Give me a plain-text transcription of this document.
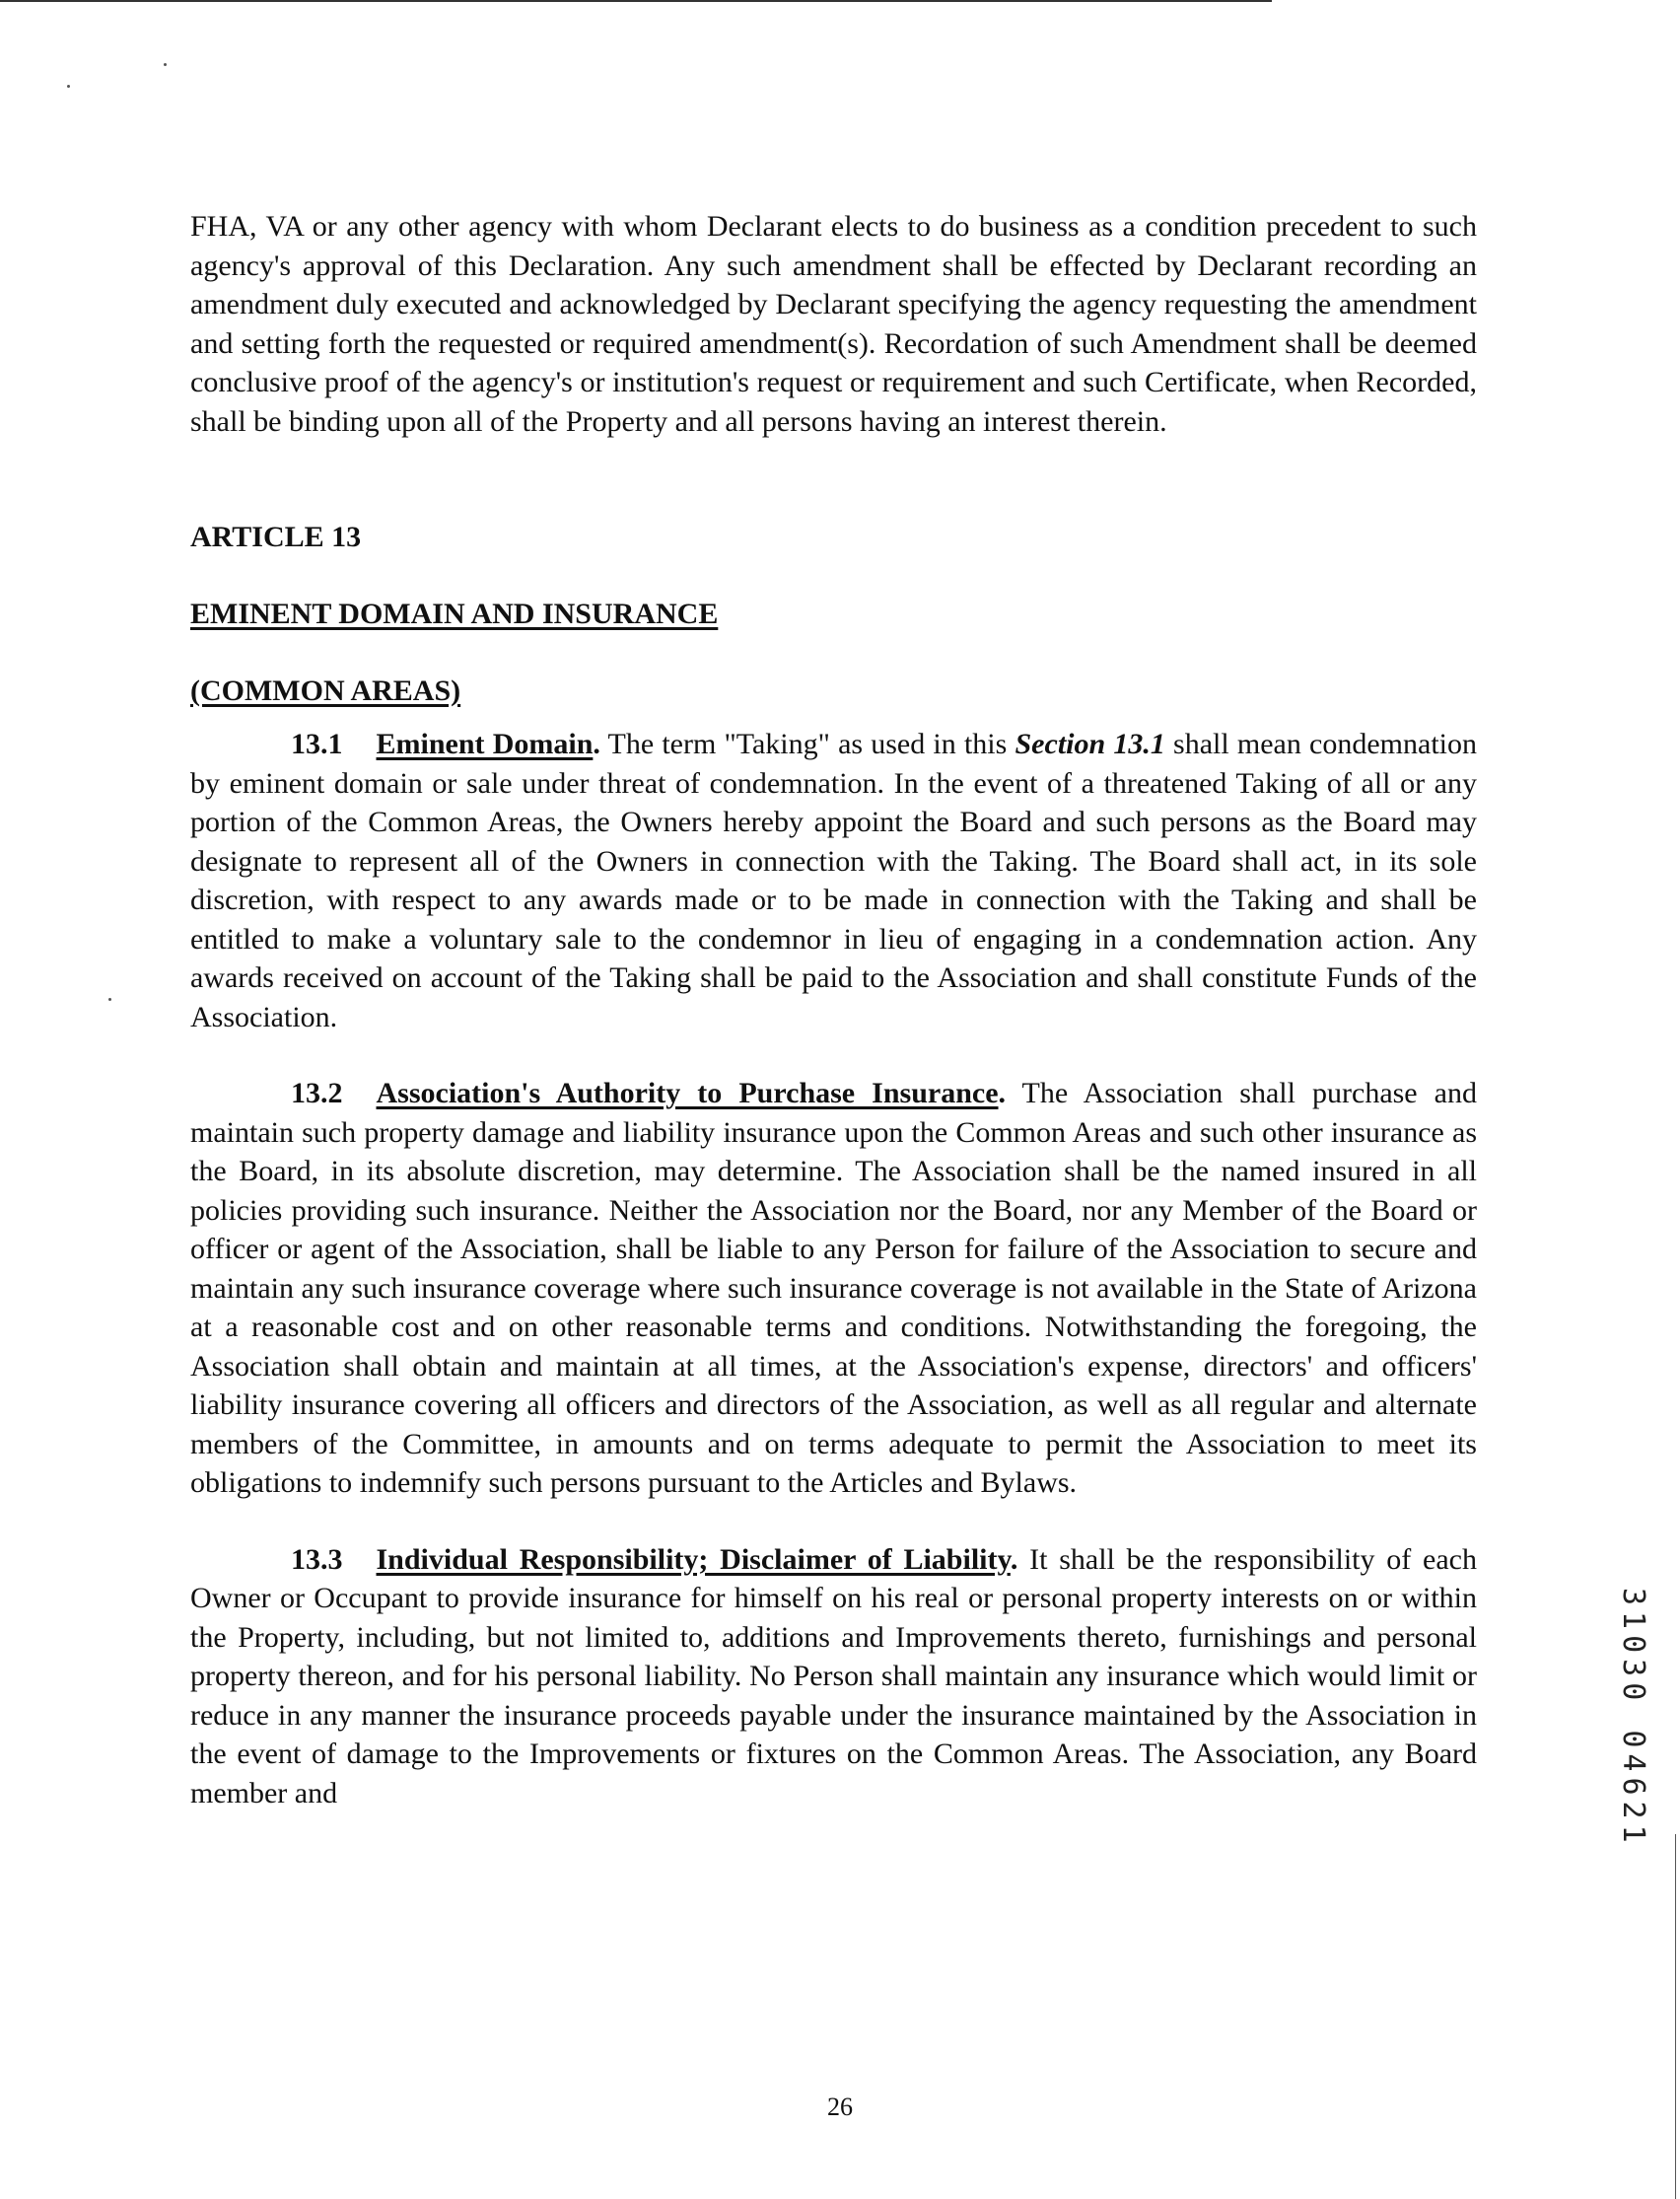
FHA, VA or any other agency with whom Declarant elects to do business as a condition precedent to such agency's approval of this Declaration. Any such amendment shall be effected by Declarant recording an amendment duly executed and acknowledged by Declarant specifying the agency requesting the amendment and setting forth the requested or required amendment(s). Recordation of such Amendment shall be deemed conclusive proof of the agency's or institution's request or requirement and such Certificate, when Recorded, shall be binding upon all of the Property and all persons having an interest therein.

ARTICLE 13

EMINENT DOMAIN AND INSURANCE

(COMMON AREAS)

13.1 Eminent Domain. The term "Taking" as used in this Section 13.1 shall mean condemnation by eminent domain or sale under threat of condemnation. In the event of a threatened Taking of all or any portion of the Common Areas, the Owners hereby appoint the Board and such persons as the Board may designate to represent all of the Owners in connection with the Taking. The Board shall act, in its sole discretion, with respect to any awards made or to be made in connection with the Taking and shall be entitled to make a voluntary sale to the condemnor in lieu of engaging in a condemnation action. Any awards received on account of the Taking shall be paid to the Association and shall constitute Funds of the Association.

13.2 Association's Authority to Purchase Insurance. The Association shall purchase and maintain such property damage and liability insurance upon the Common Areas and such other insurance as the Board, in its absolute discretion, may determine. The Association shall be the named insured in all policies providing such insurance. Neither the Association nor the Board, nor any Member of the Board or officer or agent of the Association, shall be liable to any Person for failure of the Association to secure and maintain any such insurance coverage where such insurance coverage is not available in the State of Arizona at a reasonable cost and on other reasonable terms and conditions. Notwithstanding the foregoing, the Association shall obtain and maintain at all times, at the Association's expense, directors' and officers' liability insurance covering all officers and directors of the Association, as well as all regular and alternate members of the Committee, in amounts and on terms adequate to permit the Association to meet its obligations to indemnify such persons pursuant to the Articles and Bylaws.

13.3 Individual Responsibility; Disclaimer of Liability. It shall be the responsibility of each Owner or Occupant to provide insurance for himself on his real or personal property interests on or within the Property, including, but not limited to, additions and Improvements thereto, furnishings and personal property thereon, and for his personal liability. No Person shall maintain any insurance which would limit or reduce in any manner the insurance proceeds payable under the insurance maintained by the Association in the event of damage to the Improvements or fixtures on the Common Areas. The Association, any Board member and

26
31030 04621
